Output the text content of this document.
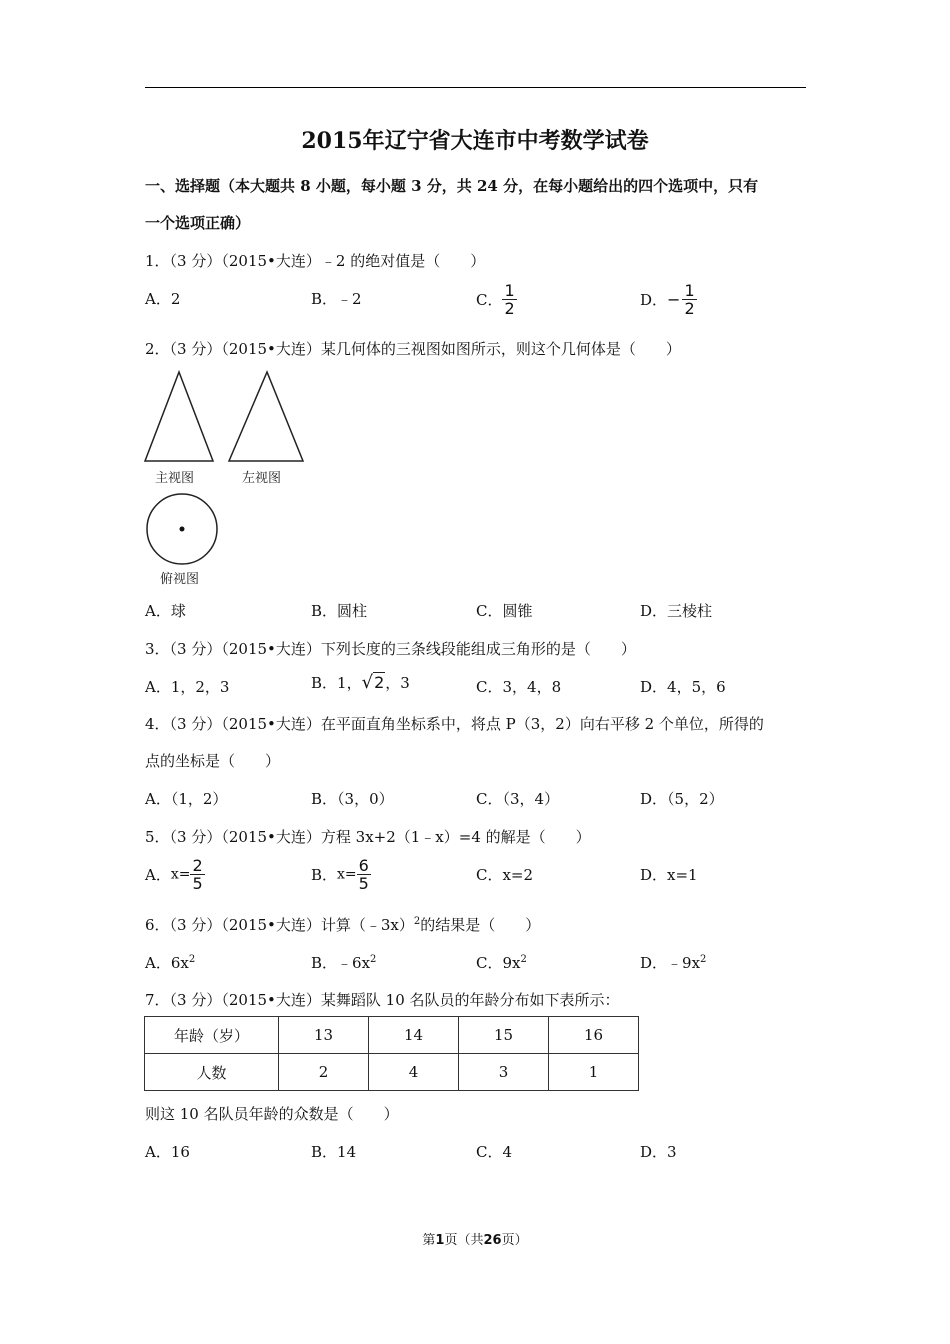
2015年辽宁省大连市中考数学试卷
一、选择题（本大题共 8 小题，每小题 3 分，共 24 分，在每小题给出的四个选项中，只有
一个选项正确）
1．（3 分）（2015•大连）﹣2 的绝对值是（　　）
A．2	B．﹣2	C． $\frac{1}{2}$	D．− $\frac{1}{2}$
2．（3 分）（2015•大连）某几何体的三视图如图所示，则这个几何体是（　　）
主视图	左视图
俯视图
A．球	B．圆柱	C．圆锥	D．三棱柱
3．（3 分）（2015•大连）下列长度的三条线段能组成三角形的是（　　）
A．1，2，3	B．1，√2，3	C．3，4，8	D．4，5，6
4．（3 分）（2015•大连）在平面直角坐标系中，将点 P（3，2）向右平移 2 个单位，所得的
点的坐标是（　　）
A．（1，2）	B．（3，0）	C．（3，4）	D．（5，2）
5．（3 分）（2015•大连）方程 3x+2（1﹣x）=4 的解是（　　）
A．$x= \frac{2}{5}$	B．$x= \frac{6}{5}$	C．x=2	D．x=1
6．（3 分）（2015•大连）计算（﹣3x）$^2$的结果是（　　）
A．$6x^2$	B．$﹣6x^2$	C．$9x^2$	D．$﹣9x^2$
7．（3 分）（2015•大连）某舞蹈队 10 名队员的年龄分布如下表所示：
年龄（岁）	13	14	15	16
人数	2	4	3	1
则这 10 名队员年龄的众数是（　　）
A．16	B．14	C．4	D．3
第1页（共26页）
